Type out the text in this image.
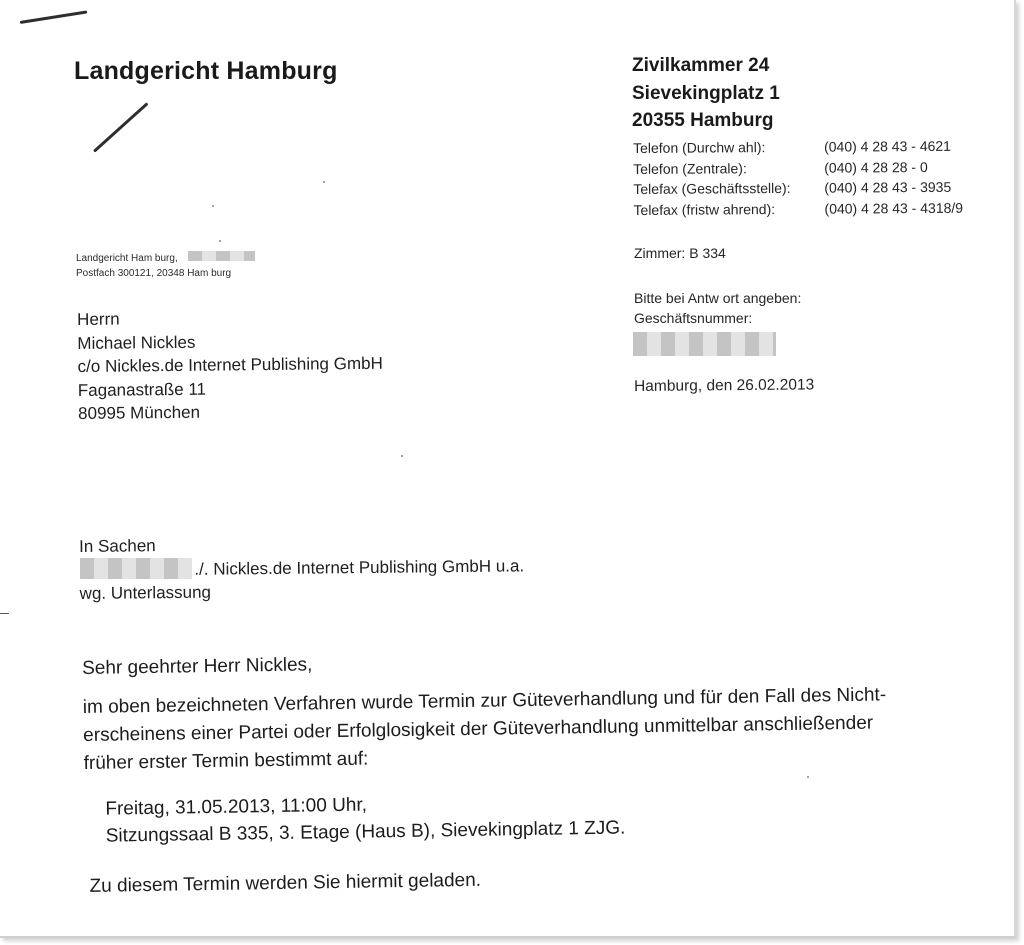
Landgericht Hamburg	Zivilkammer 24
Sievekingplatz 1
20355 Hamburg
Telefon (Durchw ahl):	(040) 4 28 43 - 4621
Telefon (Zentrale):	(040) 4 28 28 - 0
Telefax (Geschäftsstelle):	(040) 4 28 43 - 3935
Telefax (fristw ahrend):	(040) 4 28 43 - 4318/9
Zimmer: B 334
Bitte bei Antw ort angeben:
Geschäftsnummer:
Hamburg, den 26.02.2013
Landgericht Ham burg,
Postfach 300121, 20348 Ham burg
Herrn
Michael Nickles
c/o Nickles.de Internet Publishing GmbH
Faganastraße 11
80995 München
In Sachen
./. Nickles.de Internet Publishing GmbH u.a.
wg. Unterlassung
Sehr geehrter Herr Nickles,
im oben bezeichneten Verfahren wurde Termin zur Güteverhandlung und für den Fall des Nicht-
erscheinens einer Partei oder Erfolglosigkeit der Güteverhandlung unmittelbar anschließender
früher erster Termin bestimmt auf:
Freitag, 31.05.2013, 11:00 Uhr,
Sitzungssaal B 335, 3. Etage (Haus B), Sievekingplatz 1 ZJG.
Zu diesem Termin werden Sie hiermit geladen.
